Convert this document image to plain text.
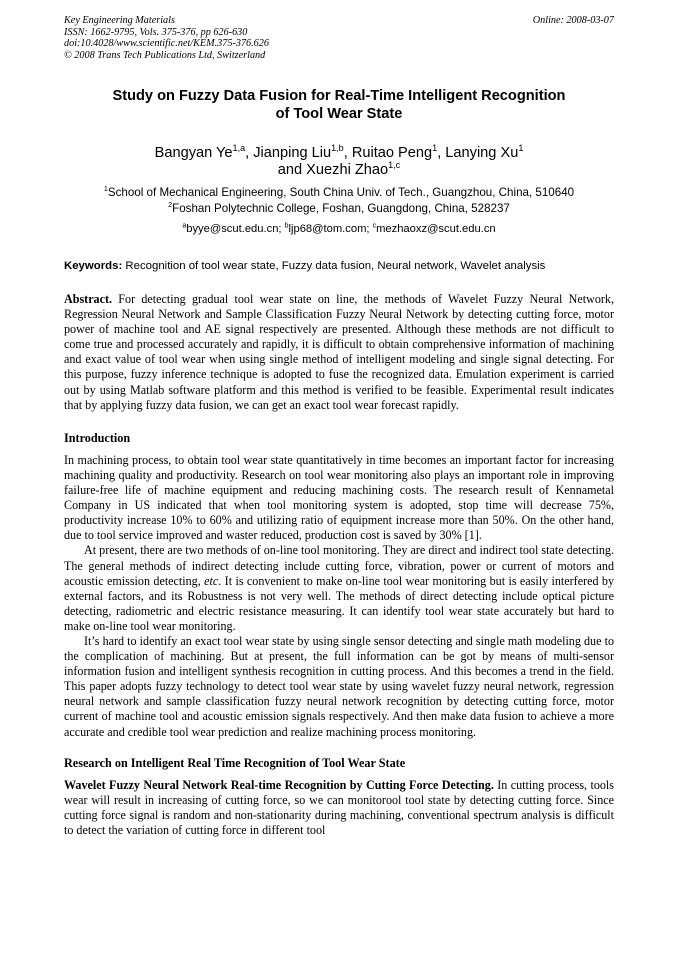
Key Engineering Materials
ISSN: 1662-9795, Vols. 375-376, pp 626-630
doi:10.4028/www.scientific.net/KEM.375-376.626
© 2008 Trans Tech Publications Ltd, Switzerland
Online: 2008-03-07
Study on Fuzzy Data Fusion for Real-Time Intelligent Recognition
of Tool Wear State
Bangyan Ye$^{1,a}$, Jianping Liu$^{1,b}$, Ruitao Peng$^1$, Lanying Xu$^1$
and Xuezhi Zhao$^{1,c}$
$^1$School of Mechanical Engineering, South China Univ. of Tech., Guangzhou, China, 510640
$^2$Foshan Polytechnic College, Foshan, Guangdong, China, 528237
$^a$byye@scut.edu.cn; $^b$ljp68@tom.com; $^c$mezhaoxz@scut.edu.cn
Keywords: Recognition of tool wear state, Fuzzy data fusion, Neural network, Wavelet analysis

Abstract. For detecting gradual tool wear state on line, the methods of Wavelet Fuzzy Neural Network, Regression Neural Network and Sample Classification Fuzzy Neural Network by detecting cutting force, motor power of machine tool and AE signal respectively are presented. Although these methods are not difficult to come true and processed accurately and rapidly, it is difficult to obtain comprehensive information of machining and exact value of tool wear when using single method of intelligent modeling and single signal detecting. For this purpose, fuzzy inference technique is adopted to fuse the recognized data. Emulation experiment is carried out by using Matlab software platform and this method is verified to be feasible. Experimental result indicates that by applying fuzzy data fusion, we can get an exact tool wear forecast rapidly.

Introduction

In machining process, to obtain tool wear state quantitatively in time becomes an important factor for increasing machining quality and productivity. Research on tool wear monitoring also plays an important role in improving failure-free life of machine equipment and reducing machining costs. The research result of Kennametal Company in US indicated that when tool monitoring system is adopted, stop time will decrease 75%, productivity increase 10% to 60% and utilizing ratio of equipment increase more than 50%. On the other hand, due to tool service improved and waster reduced, production cost is saved by 30% [1].

At present, there are two methods of on-line tool monitoring. They are direct and indirect tool state detecting. The general methods of indirect detecting include cutting force, vibration, power or current of motors and acoustic emission detecting, etc. It is convenient to make on-line tool wear monitoring but is easily interfered by external factors, and its Robustness is not very well. The methods of direct detecting include optical picture detecting, radiometric and electric resistance measuring. It can identify tool wear state accurately but hard to make on-line tool wear monitoring.

It’s hard to identify an exact tool wear state by using single sensor detecting and single math modeling due to the complication of machining. But at present, the full information can be got by means of multi-sensor information fusion and intelligent synthesis recognition in cutting process. And this becomes a trend in the field. This paper adopts fuzzy technology to detect tool wear state by using wavelet fuzzy neural network, regression neural network and sample classification fuzzy neural network recognition by detecting cutting force, motor current of machine tool and acoustic emission signals respectively. And then make data fusion to achieve a more accurate and credible tool wear prediction and realize machining process monitoring.

Research on Intelligent Real Time Recognition of Tool Wear State

Wavelet Fuzzy Neural Network Real-time Recognition by Cutting Force Detecting. In cutting process, tools wear will result in increasing of cutting force, so we can monitorool tool state by detecting cutting force. Since cutting force signal is random and non-stationarity during machining, conventional spectrum analysis is difficult to detect the variation of cutting force in different tool
